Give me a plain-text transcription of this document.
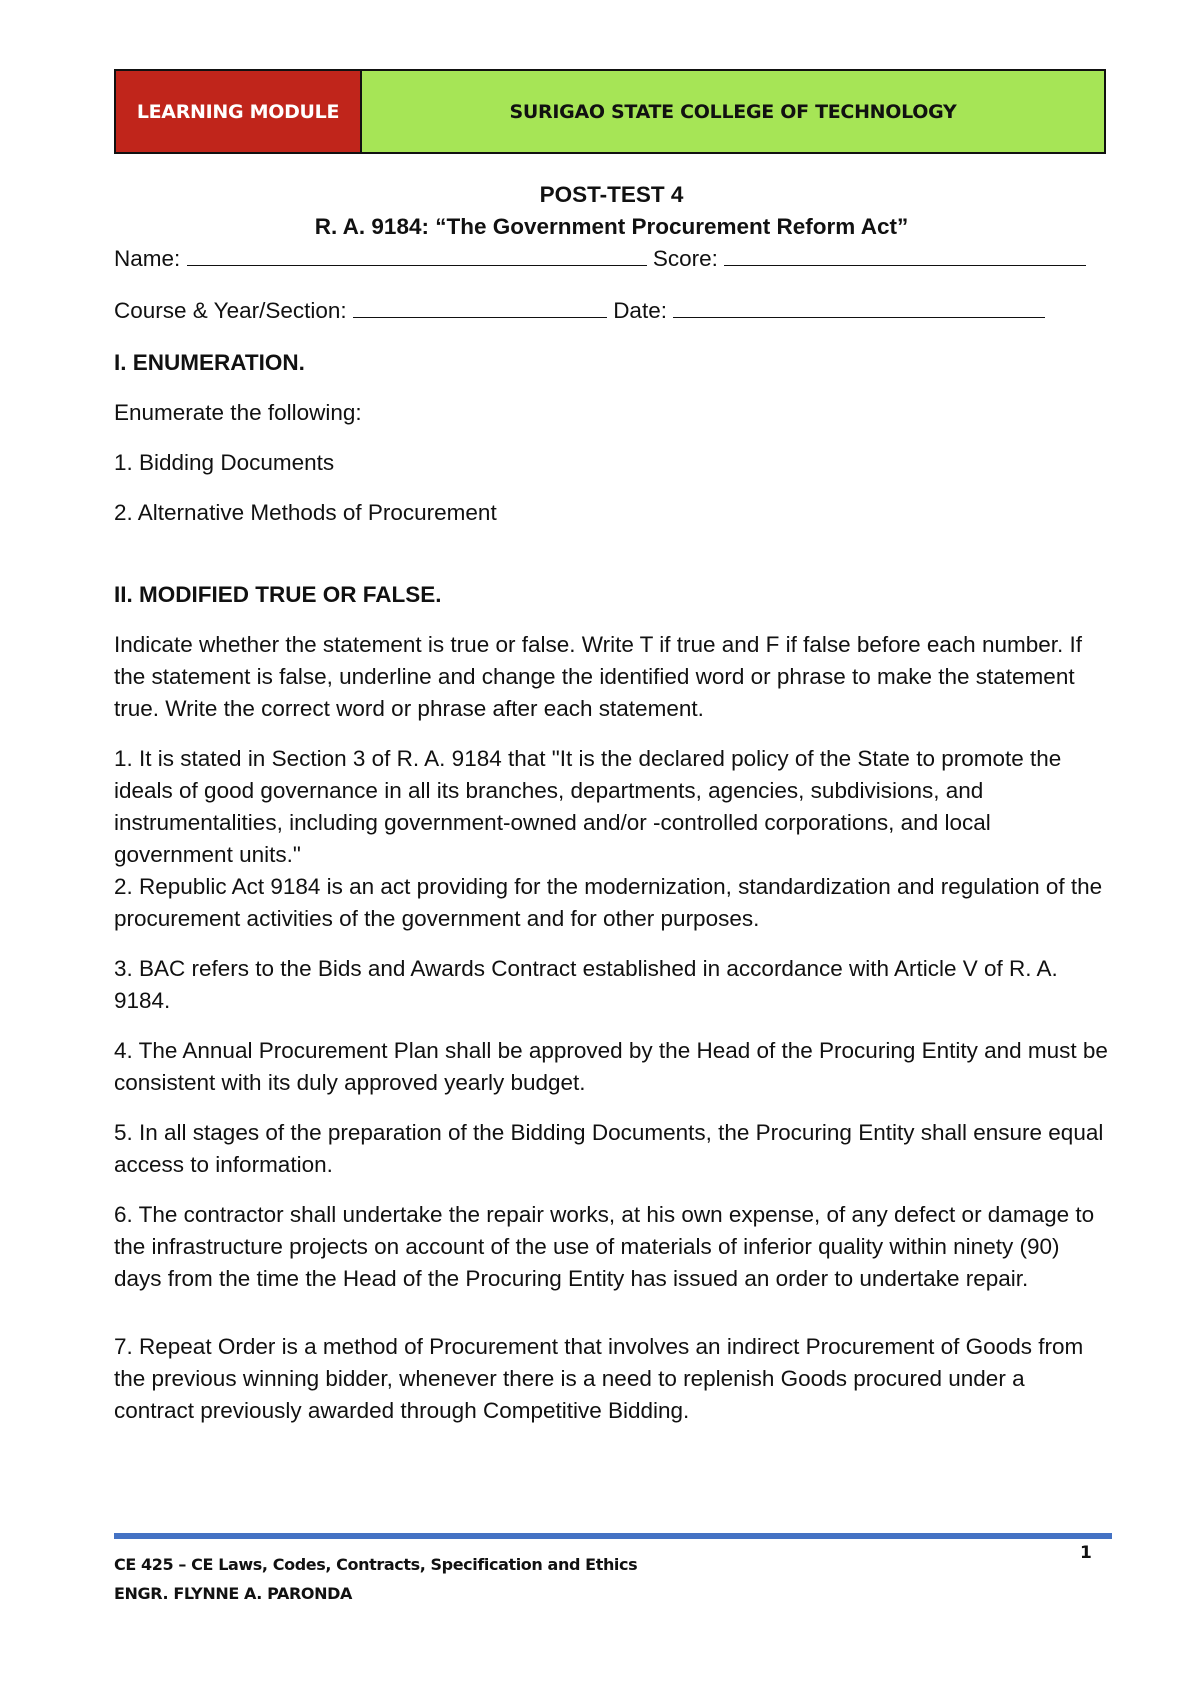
LEARNING MODULE	SURIGAO STATE COLLEGE OF TECHNOLOGY

POST-TEST 4

R. A. 9184: “The Government Procurement Reform Act”

Name:	Score:

Course & Year/Section:	Date:

I. ENUMERATION.

Enumerate the following:

1. Bidding Documents

2. Alternative Methods of Procurement

II. MODIFIED TRUE OR FALSE.

Indicate whether the statement is true or false. Write T if true and F if false before each number. If the statement is false, underline and change the identified word or phrase to make the statement true. Write the correct word or phrase after each statement.

1. It is stated in Section 3 of R. A. 9184 that "It is the declared policy of the State to promote the ideals of good governance in all its branches, departments, agencies, subdivisions, and instrumentalities, including government-owned and/or -controlled corporations, and local government units."

2. Republic Act 9184 is an act providing for the modernization, standardization and regulation of the procurement activities of the government and for other purposes.

3. BAC refers to the Bids and Awards Contract established in accordance with Article V of R. A. 9184.

4. The Annual Procurement Plan shall be approved by the Head of the Procuring Entity and must be consistent with its duly approved yearly budget.

5. In all stages of the preparation of the Bidding Documents, the Procuring Entity shall ensure equal access to information.

6. The contractor shall undertake the repair works, at his own expense, of any defect or damage to the infrastructure projects on account of the use of materials of inferior quality within ninety (90) days from the time the Head of the Procuring Entity has issued an order to undertake repair.

7. Repeat Order is a method of Procurement that involves an indirect Procurement of Goods from the previous winning bidder, whenever there is a need to replenish Goods procured under a contract previously awarded through Competitive Bidding.

1
CE 425 – CE Laws, Codes, Contracts, Specification and Ethics
ENGR. FLYNNE A. PARONDA
